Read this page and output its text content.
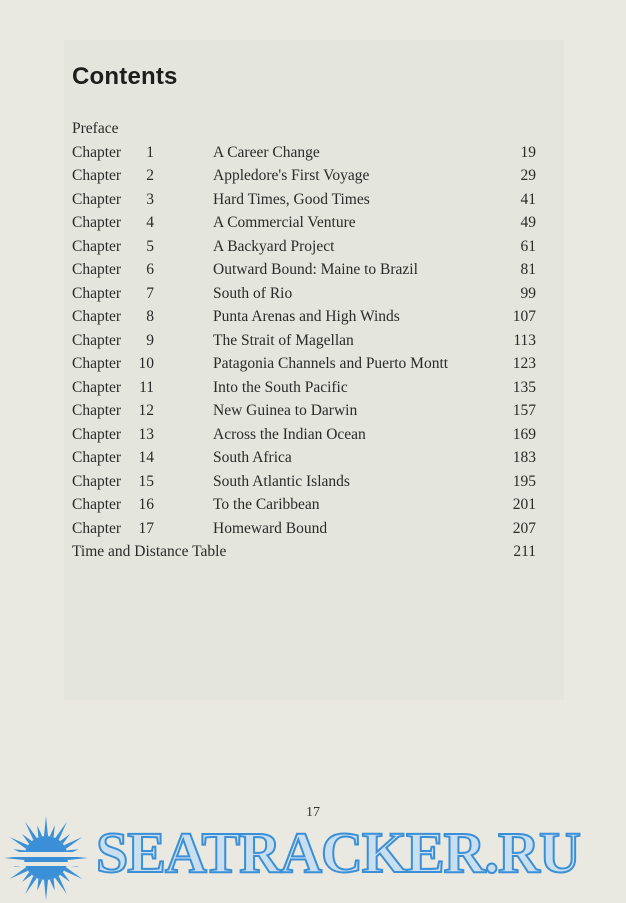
Contents
Preface
Chapter	1	A Career Change	19
Chapter	2	Appledore's First Voyage	29
Chapter	3	Hard Times, Good Times	41
Chapter	4	A Commercial Venture	49
Chapter	5	A Backyard Project	61
Chapter	6	Outward Bound: Maine to Brazil	81
Chapter	7	South of Rio	99
Chapter	8	Punta Arenas and High Winds	107
Chapter	9	The Strait of Magellan	113
Chapter 10	Patagonia Channels and Puerto Montt	123
Chapter	11	Into the South Pacific	135
Chapter 12	New Guinea to Darwin	157
Chapter 13	Across the Indian Ocean	169
Chapter 14	South Africa	183
Chapter 15	South Atlantic Islands	195
Chapter 16	To the Caribbean	201
Chapter 17	Homeward Bound	207
Time and Distance Table	211
17
SEATRACKER.RU
